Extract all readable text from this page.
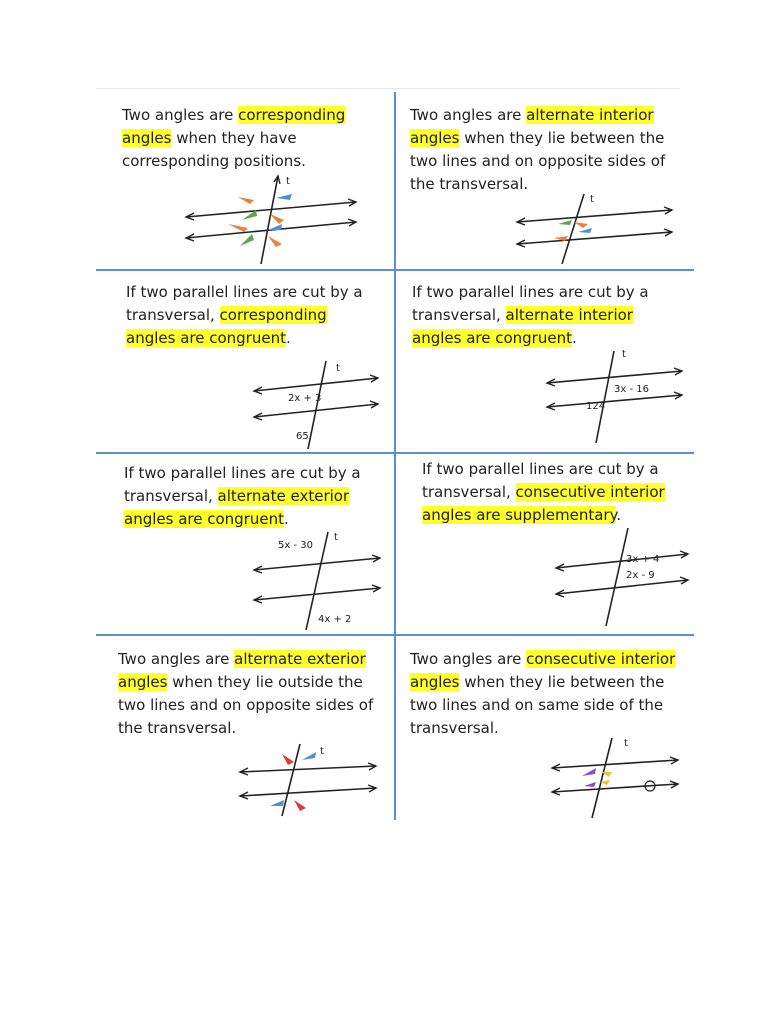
Two angles are corresponding angles when they have corresponding positions.
t
Two angles are alternate interior angles when they lie between the two lines and on opposite sides of the transversal.
t
If two parallel lines are cut by a transversal, corresponding angles are congruent.
t
2x + 3
65
If two parallel lines are cut by a transversal, alternate interior angles are congruent.
t
3x - 16
124
If two parallel lines are cut by a transversal, alternate exterior angles are congruent.
t
5x - 30
4x + 2
If two parallel lines are cut by a transversal, consecutive interior angles are supplementary.
3x + 4
2x - 9
Two angles are alternate exterior angles when they lie outside the two lines and on opposite sides of the transversal.
t
Two angles are consecutive interior angles when they lie between the two lines and on same side of the transversal.
t
